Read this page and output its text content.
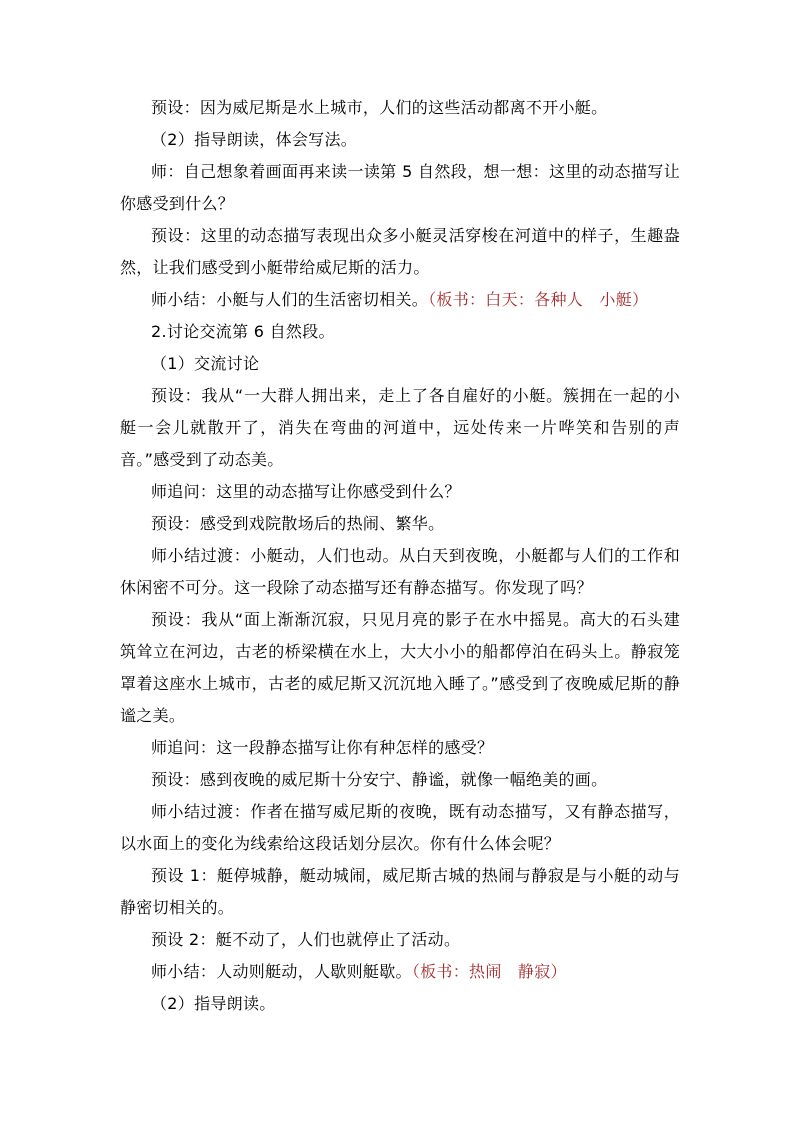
预设：因为威尼斯是水上城市，人们的这些活动都离不开小艇。

（2）指导朗读，体会写法。

师：自己想象着画面再来读一读第 5 自然段，想一想：这里的动态描写让你感受到什么？

预设：这里的动态描写表现出众多小艇灵活穿梭在河道中的样子，生趣盎然，让我们感受到小艇带给威尼斯的活力。

师小结：小艇与人们的生活密切相关。（板书：白天：各种人　小艇）

2.讨论交流第 6 自然段。

（1）交流讨论

预设：我从“一大群人拥出来，走上了各自雇好的小艇。簇拥在一起的小艇一会儿就散开了，消失在弯曲的河道中，远处传来一片哗笑和告别的声音。”感受到了动态美。

师追问：这里的动态描写让你感受到什么？

预设：感受到戏院散场后的热闹、繁华。

师小结过渡：小艇动，人们也动。从白天到夜晚，小艇都与人们的工作和休闲密不可分。这一段除了动态描写还有静态描写。你发现了吗？

预设：我从“面上渐渐沉寂，只见月亮的影子在水中摇晃。高大的石头建筑耸立在河边，古老的桥梁横在水上，大大小小的船都停泊在码头上。静寂笼罩着这座水上城市，古老的威尼斯又沉沉地入睡了。”感受到了夜晚威尼斯的静谧之美。

师追问：这一段静态描写让你有种怎样的感受？

预设：感到夜晚的威尼斯十分安宁、静谧，就像一幅绝美的画。

师小结过渡：作者在描写威尼斯的夜晚，既有动态描写，又有静态描写，以水面上的变化为线索给这段话划分层次。你有什么体会呢？

预设 1：艇停城静，艇动城闹，威尼斯古城的热闹与静寂是与小艇的动与静密切相关的。

预设 2：艇不动了，人们也就停止了活动。

师小结：人动则艇动，人歇则艇歇。（板书：热闹　静寂）

（2）指导朗读。
